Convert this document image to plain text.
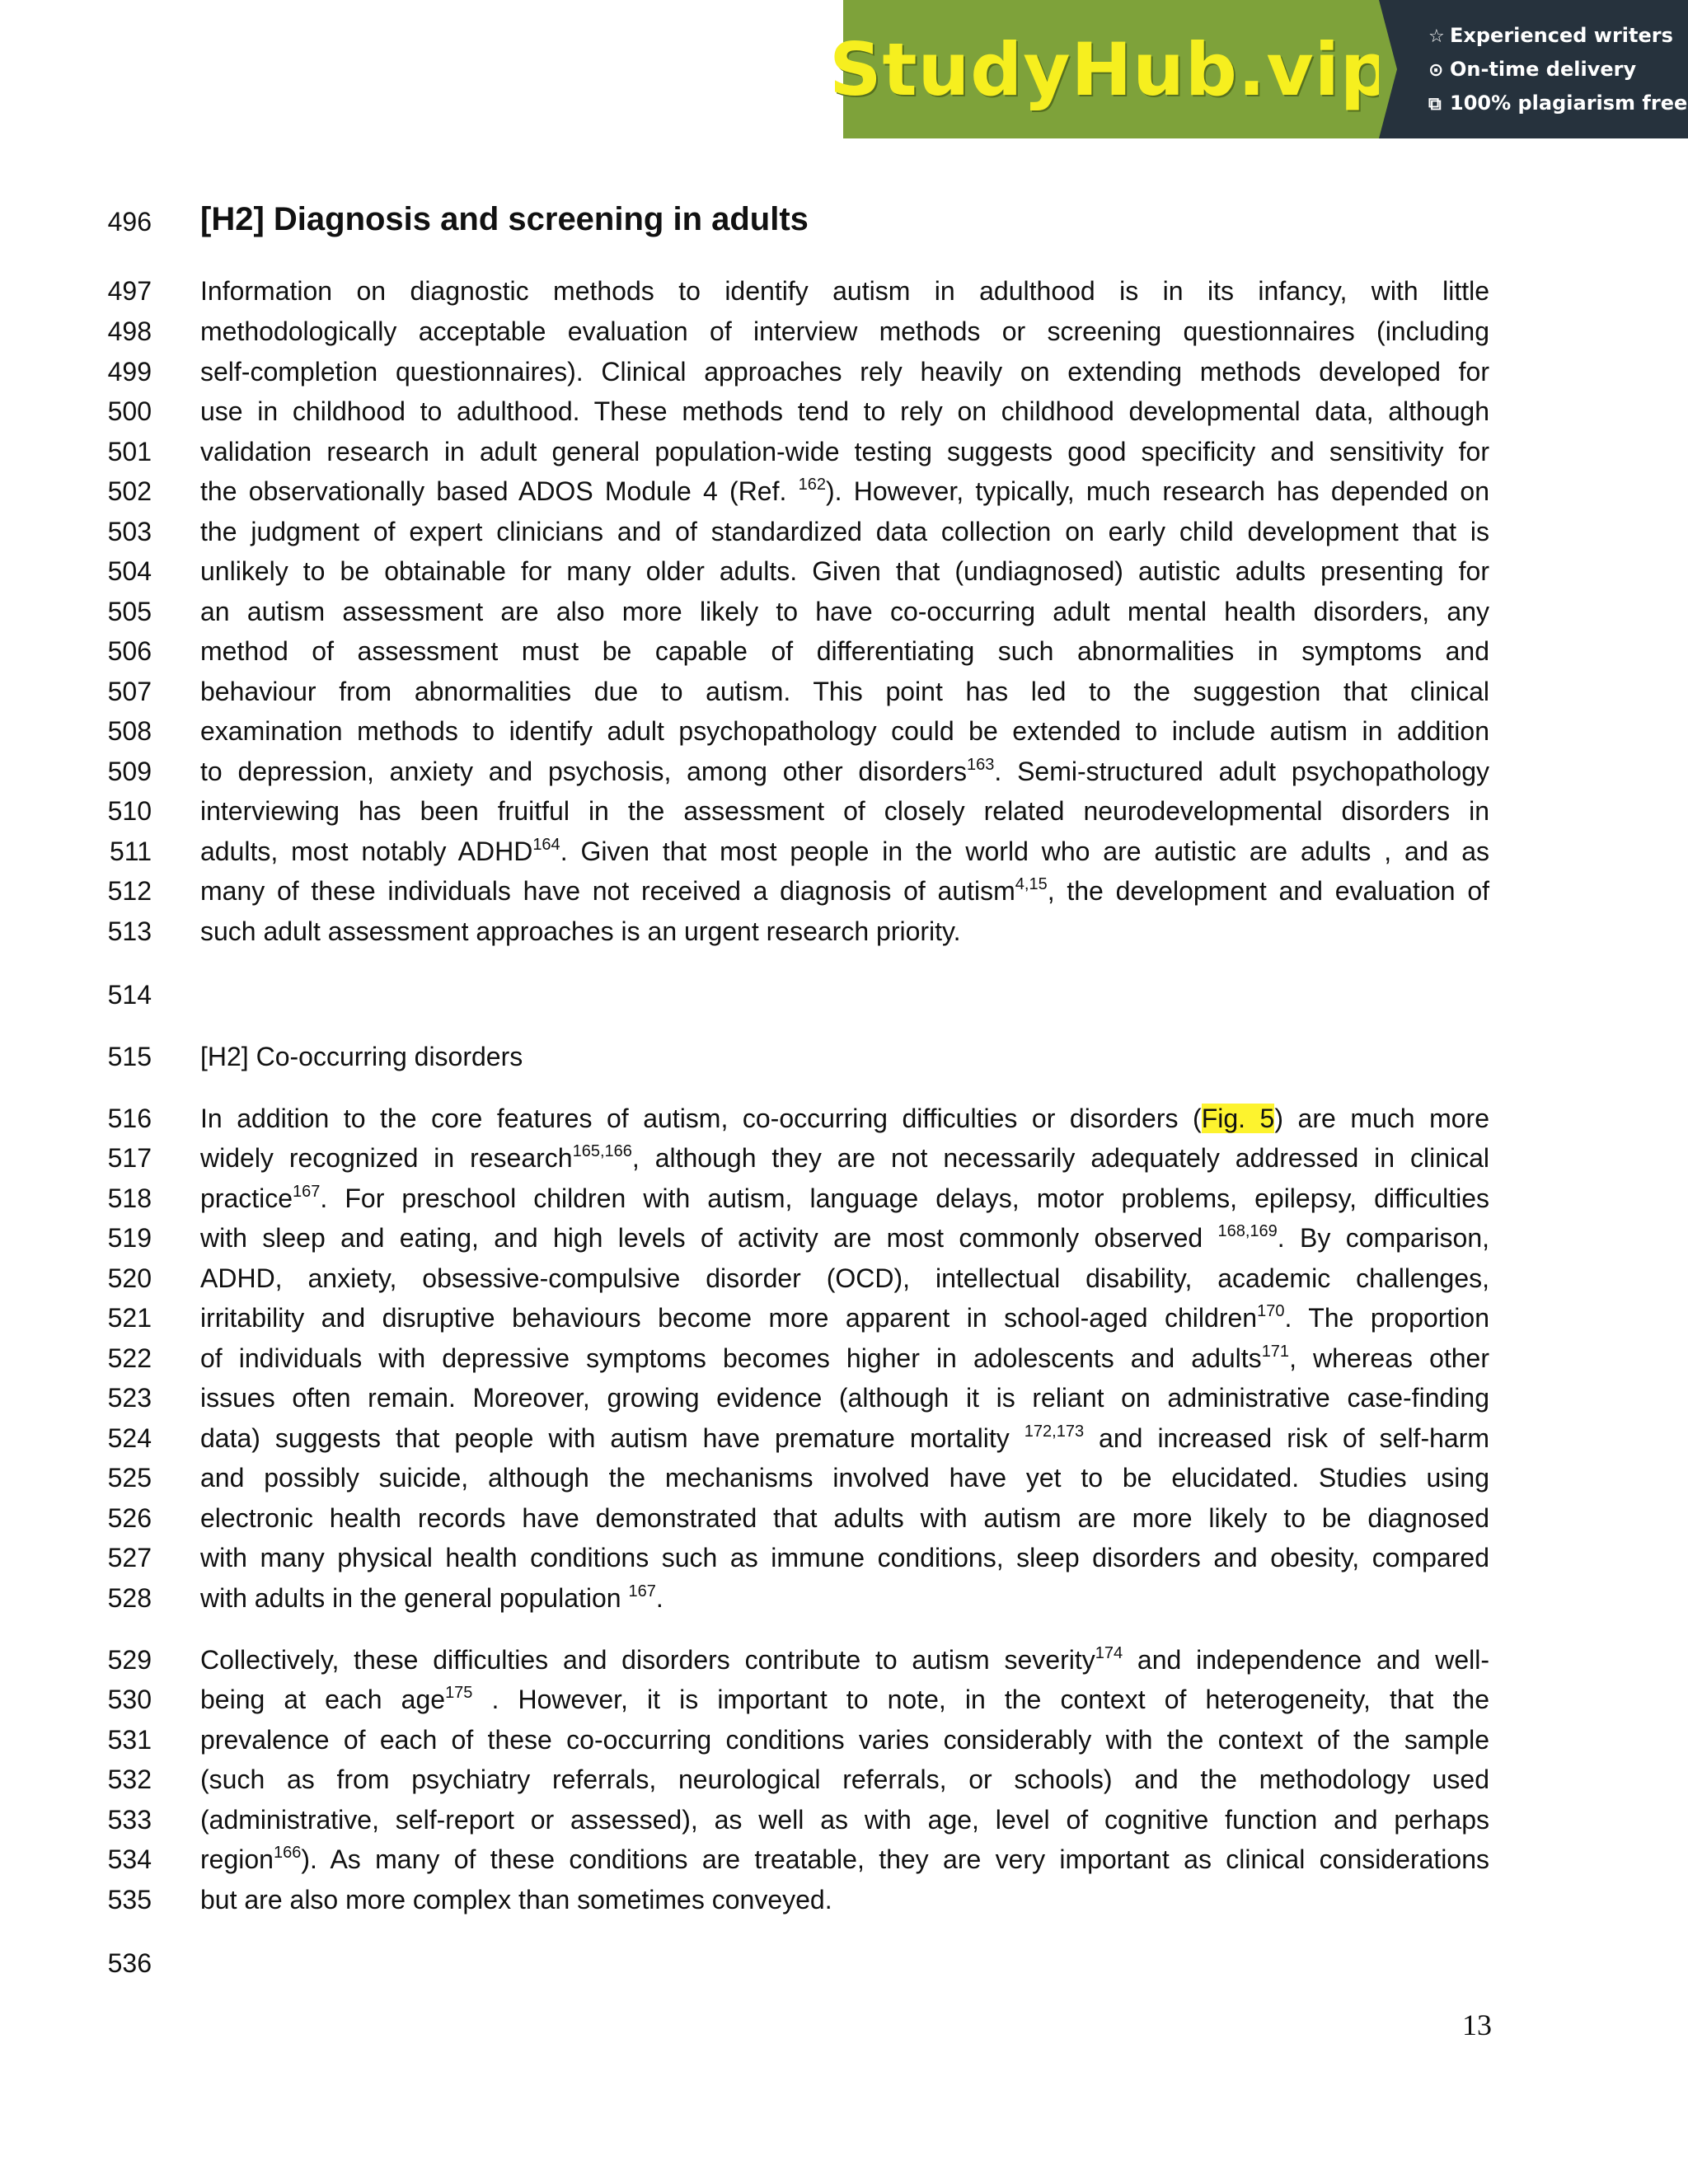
StudyHub.vip ☆ Experienced writers
⊙ On-time delivery
⧉ 100% plagiarism free
496
497
498
499
500
501
502
503
504
505
506
507
508
509
510
511
512
513
514
515
516
517
518
519
520
521
522
523
524
525
526
527
528
529
530
531
532
533
534
535
536
[H2] Diagnosis and screening in adults
Information on diagnostic methods to identify autism in adulthood is in its infancy, with little
methodologically acceptable evaluation of interview methods or screening questionnaires (including
self-completion questionnaires). Clinical approaches rely heavily on extending methods developed for
use in childhood to adulthood. These methods tend to rely on childhood developmental data, although
validation research in adult general population-wide testing suggests good specificity and sensitivity for
the observationally based ADOS Module 4 (Ref. $^{162}$). However, typically, much research has depended on
the judgment of expert clinicians and of standardized data collection on early child development that is
unlikely to be obtainable for many older adults. Given that (undiagnosed) autistic adults presenting for
an autism assessment are also more likely to have co-occurring adult mental health disorders, any
method of assessment must be capable of differentiating such abnormalities in symptoms and
behaviour from abnormalities due to autism. This point has led to the suggestion that clinical
examination methods to identify adult psychopathology could be extended to include autism in addition
to depression, anxiety and psychosis, among other disorders$^{163}$. Semi-structured adult psychopathology
interviewing has been fruitful in the assessment of closely related neurodevelopmental disorders in
adults, most notably ADHD$^{164}$. Given that most people in the world who are autistic are adults , and as
many of these individuals have not received a diagnosis of autism$^{4,15}$, the development and evaluation of
such adult assessment approaches is an urgent research priority.
[H2] Co-occurring disorders
In addition to the core features of autism, co-occurring difficulties or disorders (Fig. 5) are much more
widely recognized in research$^{165,166}$, although they are not necessarily adequately addressed in clinical
practice$^{167}$. For preschool children with autism, language delays, motor problems, epilepsy, difficulties
with sleep and eating, and high levels of activity are most commonly observed $^{168,169}$. By comparison,
ADHD, anxiety, obsessive-compulsive disorder (OCD), intellectual disability, academic challenges,
irritability and disruptive behaviours become more apparent in school-aged children$^{170}$. The proportion
of individuals with depressive symptoms becomes higher in adolescents and adults$^{171}$, whereas other
issues often remain. Moreover, growing evidence (although it is reliant on administrative case-finding
data) suggests that people with autism have premature mortality $^{172,173}$ and increased risk of self-harm
and possibly suicide, although the mechanisms involved have yet to be elucidated. Studies using
electronic health records have demonstrated that adults with autism are more likely to be diagnosed
with many physical health conditions such as immune conditions, sleep disorders and obesity, compared
with adults in the general population $^{167}$.
Collectively, these difficulties and disorders contribute to autism severity$^{174}$ and independence and well-
being at each age$^{175}$ . However, it is important to note, in the context of heterogeneity, that the
prevalence of each of these co-occurring conditions varies considerably with the context of the sample
(such as from psychiatry referrals, neurological referrals, or schools) and the methodology used
(administrative, self-report or assessed), as well as with age, level of cognitive function and perhaps
region$^{166}$). As many of these conditions are treatable, they are very important as clinical considerations
but are also more complex than sometimes conveyed.
13
